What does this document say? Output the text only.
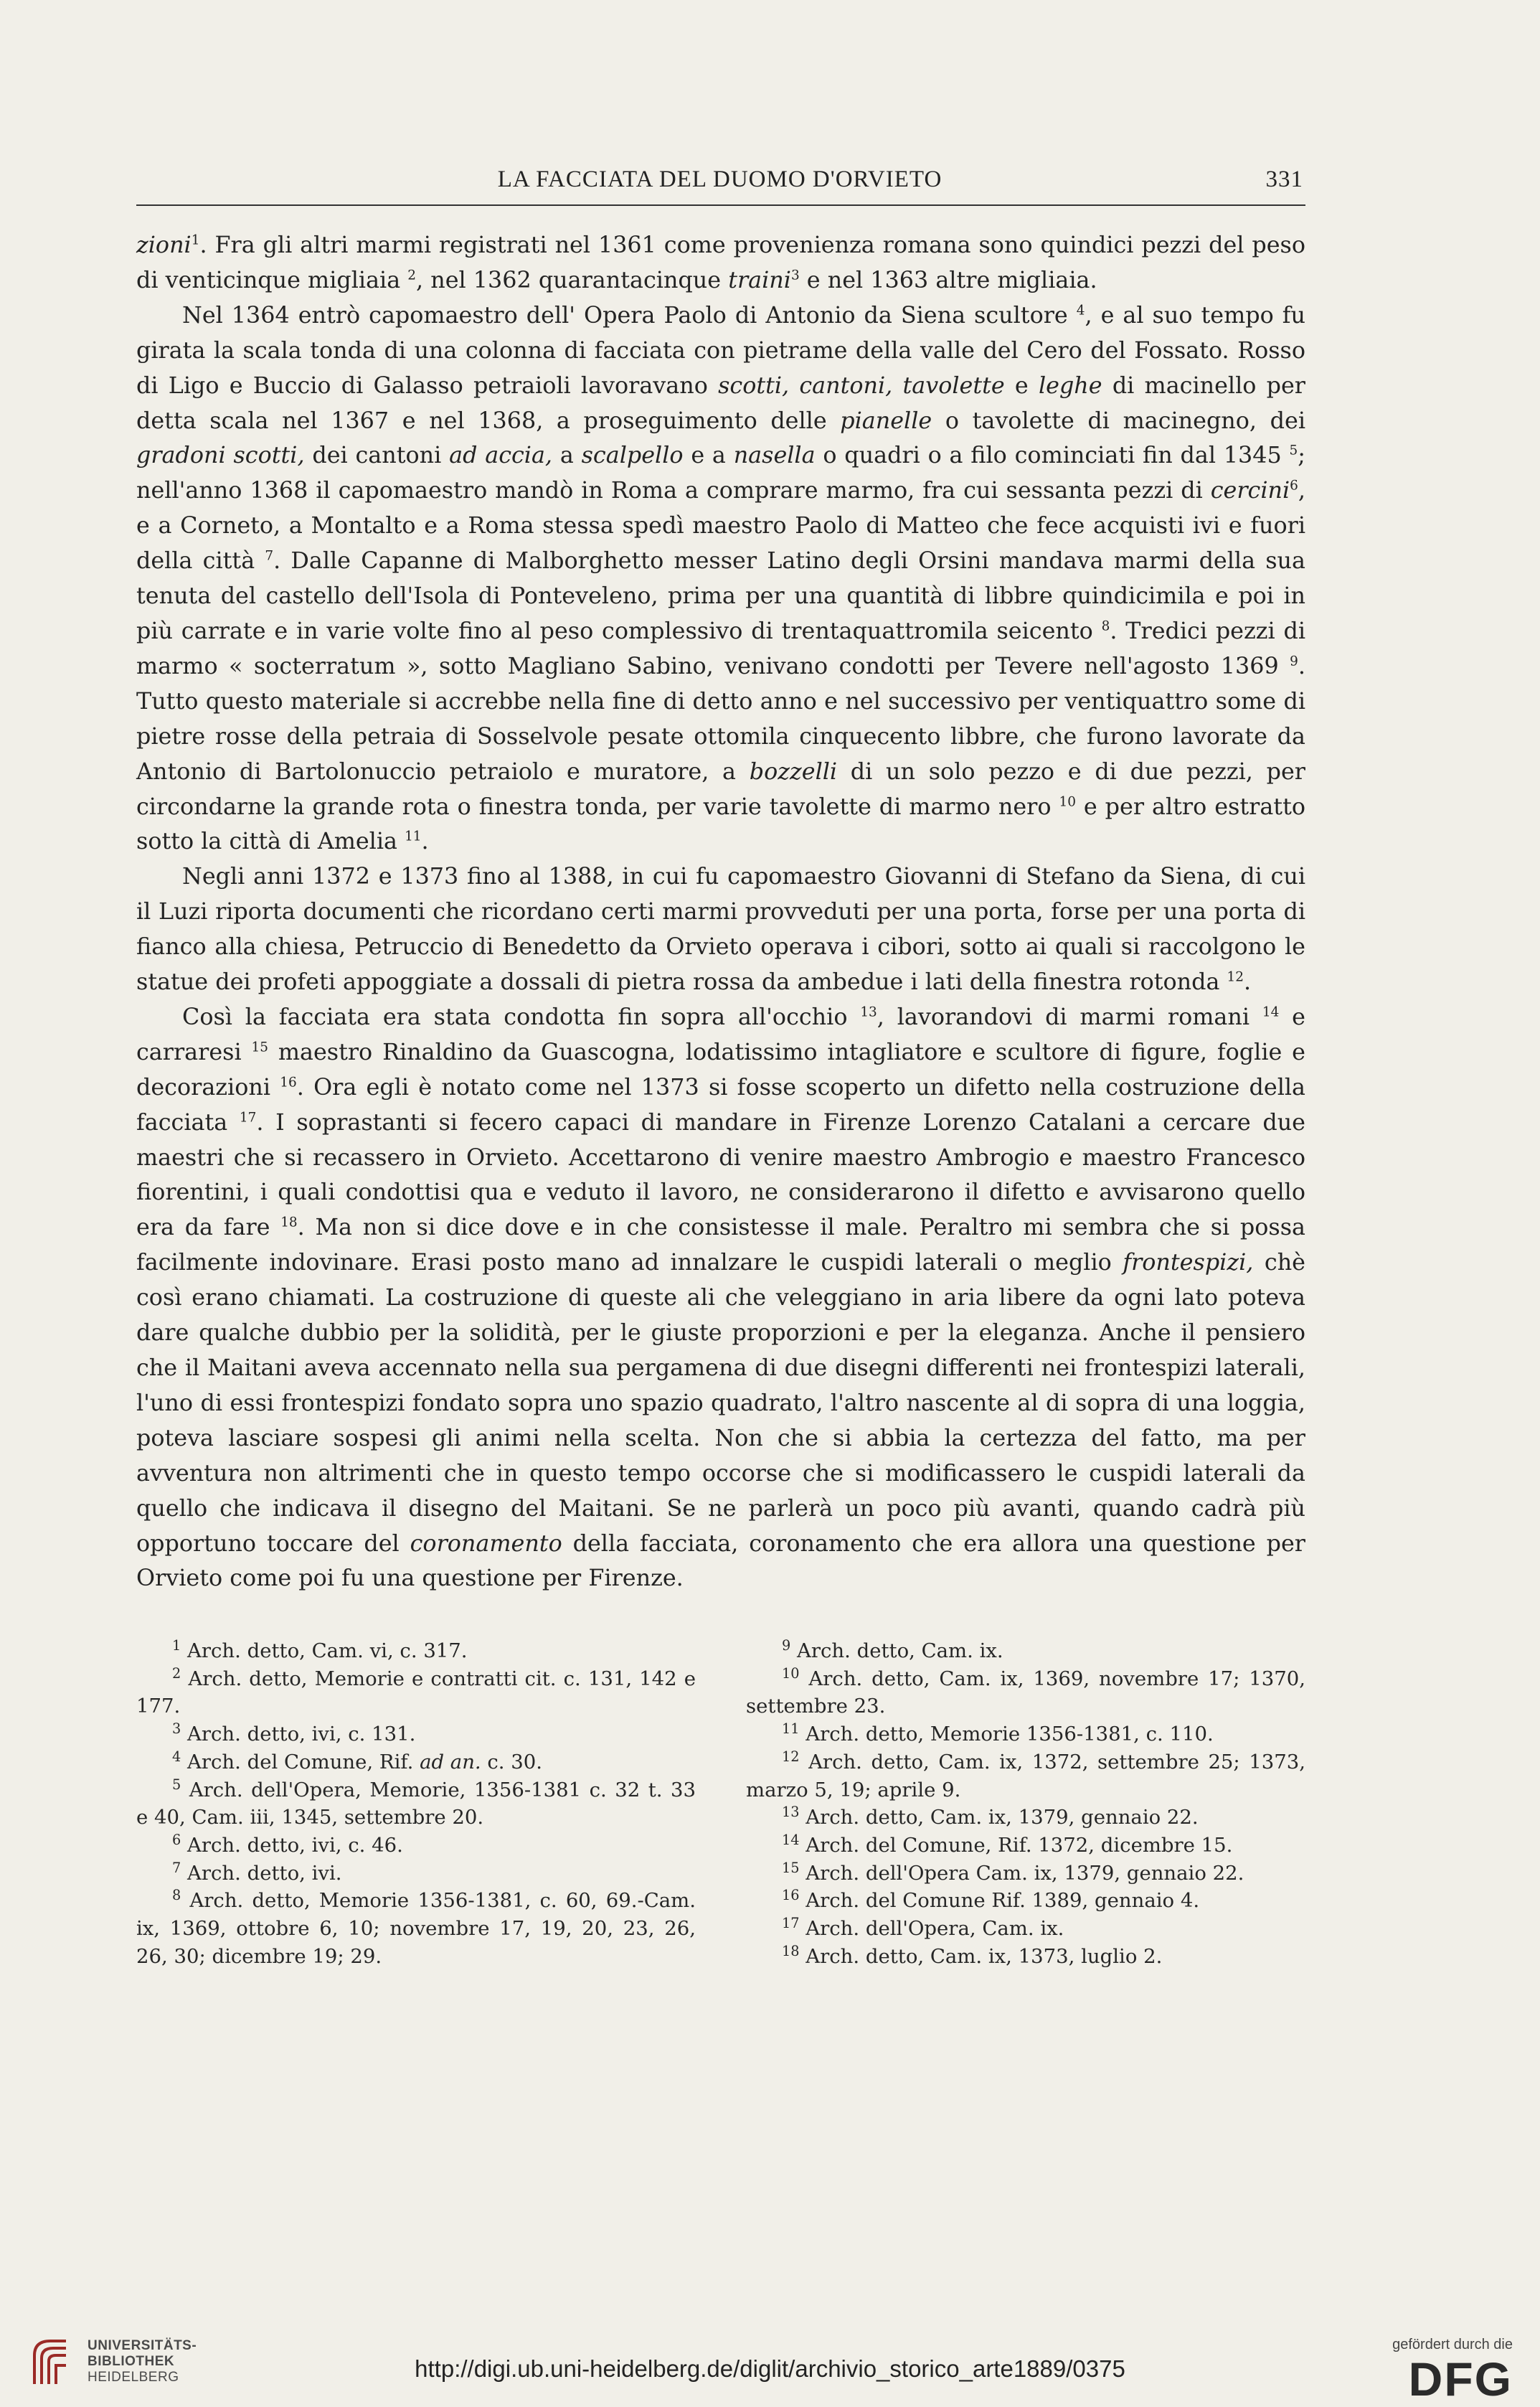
LA FACCIATA DEL DUOMO D'ORVIETO	331

zioni$^1$. Fra gli altri marmi registrati nel 1361 come provenienza romana sono quindici pezzi del peso di venticinque migliaia $^2$, nel 1362 quarantacinque traini$^3$ e nel 1363 altre migliaia.

Nel 1364 entrò capomaestro dell' Opera Paolo di Antonio da Siena scultore $^4$, e al suo tempo fu girata la scala tonda di una colonna di facciata con pietrame della valle del Cero del Fossato. Rosso di Ligo e Buccio di Galasso petraioli lavoravano scotti, cantoni, tavolette e leghe di macinello per detta scala nel 1367 e nel 1368, a proseguimento delle pianelle o tavolette di macinegno, dei gradoni scotti, dei cantoni ad accia, a scalpello e a nasella o quadri o a filo cominciati fin dal 1345 $^5$; nell'anno 1368 il capomaestro mandò in Roma a comprare marmo, fra cui sessanta pezzi di cercini$^6$, e a Corneto, a Montalto e a Roma stessa spedì maestro Paolo di Matteo che fece acquisti ivi e fuori della città $^7$. Dalle Capanne di Malborghetto messer Latino degli Orsini mandava marmi della sua tenuta del castello dell'Isola di Ponteveleno, prima per una quantità di libbre quindicimila e poi in più carrate e in varie volte fino al peso complessivo di trentaquattromila seicento $^8$. Tredici pezzi di marmo « socterratum », sotto Magliano Sabino, venivano condotti per Tevere nell'agosto 1369 $^9$. Tutto questo materiale si accrebbe nella fine di detto anno e nel successivo per ventiquattro some di pietre rosse della petraia di Sosselvole pesate ottomila cinquecento libbre, che furono lavorate da Antonio di Bartolonuccio petraiolo e muratore, a bozzelli di un solo pezzo e di due pezzi, per circondarne la grande rota o finestra tonda, per varie tavolette di marmo nero $^{10}$ e per altro estratto sotto la città di Amelia $^{11}$.

Negli anni 1372 e 1373 fino al 1388, in cui fu capomaestro Giovanni di Stefano da Siena, di cui il Luzi riporta documenti che ricordano certi marmi provveduti per una porta, forse per una porta di fianco alla chiesa, Petruccio di Benedetto da Orvieto operava i cibori, sotto ai quali si raccolgono le statue dei profeti appoggiate a dossali di pietra rossa da ambedue i lati della finestra rotonda $^{12}$.

Così la facciata era stata condotta fin sopra all'occhio $^{13}$, lavorandovi di marmi romani $^{14}$ e carraresi $^{15}$ maestro Rinaldino da Guascogna, lodatissimo intagliatore e scultore di figure, foglie e decorazioni $^{16}$. Ora egli è notato come nel 1373 si fosse scoperto un difetto nella costruzione della facciata $^{17}$. I soprastanti si fecero capaci di mandare in Firenze Lorenzo Catalani a cercare due maestri che si recassero in Orvieto. Accettarono di venire maestro Ambrogio e maestro Francesco fiorentini, i quali condottisi qua e veduto il lavoro, ne considerarono il difetto e avvisarono quello era da fare $^{18}$. Ma non si dice dove e in che consistesse il male. Peraltro mi sembra che si possa facilmente indovinare. Erasi posto mano ad innalzare le cuspidi laterali o meglio frontespizi, chè così erano chiamati. La costruzione di queste ali che veleggiano in aria libere da ogni lato poteva dare qualche dubbio per la solidità, per le giuste proporzioni e per la eleganza. Anche il pensiero che il Maitani aveva accennato nella sua pergamena di due disegni differenti nei frontespizi laterali, l'uno di essi frontespizi fondato sopra uno spazio quadrato, l'altro nascente al di sopra di una loggia, poteva lasciare sospesi gli animi nella scelta. Non che si abbia la certezza del fatto, ma per avventura non altrimenti che in questo tempo occorse che si modificassero le cuspidi laterali da quello che indicava il disegno del Maitani. Se ne parlerà un poco più avanti, quando cadrà più opportuno toccare del coronamento della facciata, coronamento che era allora una questione per Orvieto come poi fu una questione per Firenze.

$^1$ Arch. detto, Cam. vi, c. 317.

$^2$ Arch. detto, Memorie e contratti cit. c. 131, 142 e 177.

$^3$ Arch. detto, ivi, c. 131.

$^4$ Arch. del Comune, Rif. ad an. c. 30.

$^5$ Arch. dell'Opera, Memorie, 1356-1381 c. 32 t. 33 e 40, Cam. iii, 1345, settembre 20.

$^6$ Arch. detto, ivi, c. 46.

$^7$ Arch. detto, ivi.

$^8$ Arch. detto, Memorie 1356-1381, c. 60, 69.-Cam. ix, 1369, ottobre 6, 10; novembre 17, 19, 20, 23, 26, 26, 30; dicembre 19; 29.

$^9$ Arch. detto, Cam. ix.

$^{10}$ Arch. detto, Cam. ix, 1369, novembre 17; 1370, settembre 23.

$^{11}$ Arch. detto, Memorie 1356-1381, c. 110.

$^{12}$ Arch. detto, Cam. ix, 1372, settembre 25; 1373, marzo 5, 19; aprile 9.

$^{13}$ Arch. detto, Cam. ix, 1379, gennaio 22.

$^{14}$ Arch. del Comune, Rif. 1372, dicembre 15.

$^{15}$ Arch. dell'Opera Cam. ix, 1379, gennaio 22.

$^{16}$ Arch. del Comune Rif. 1389, gennaio 4.

$^{17}$ Arch. dell'Opera, Cam. ix.

$^{18}$ Arch. detto, Cam. ix, 1373, luglio 2.

UNIVERSITÄTS-
BIBLIOTHEK
HEIDELBERG	http://digi.ub.uni-heidelberg.de/diglit/archivio_storico_arte1889/0375
gefördert durch die
DFG
